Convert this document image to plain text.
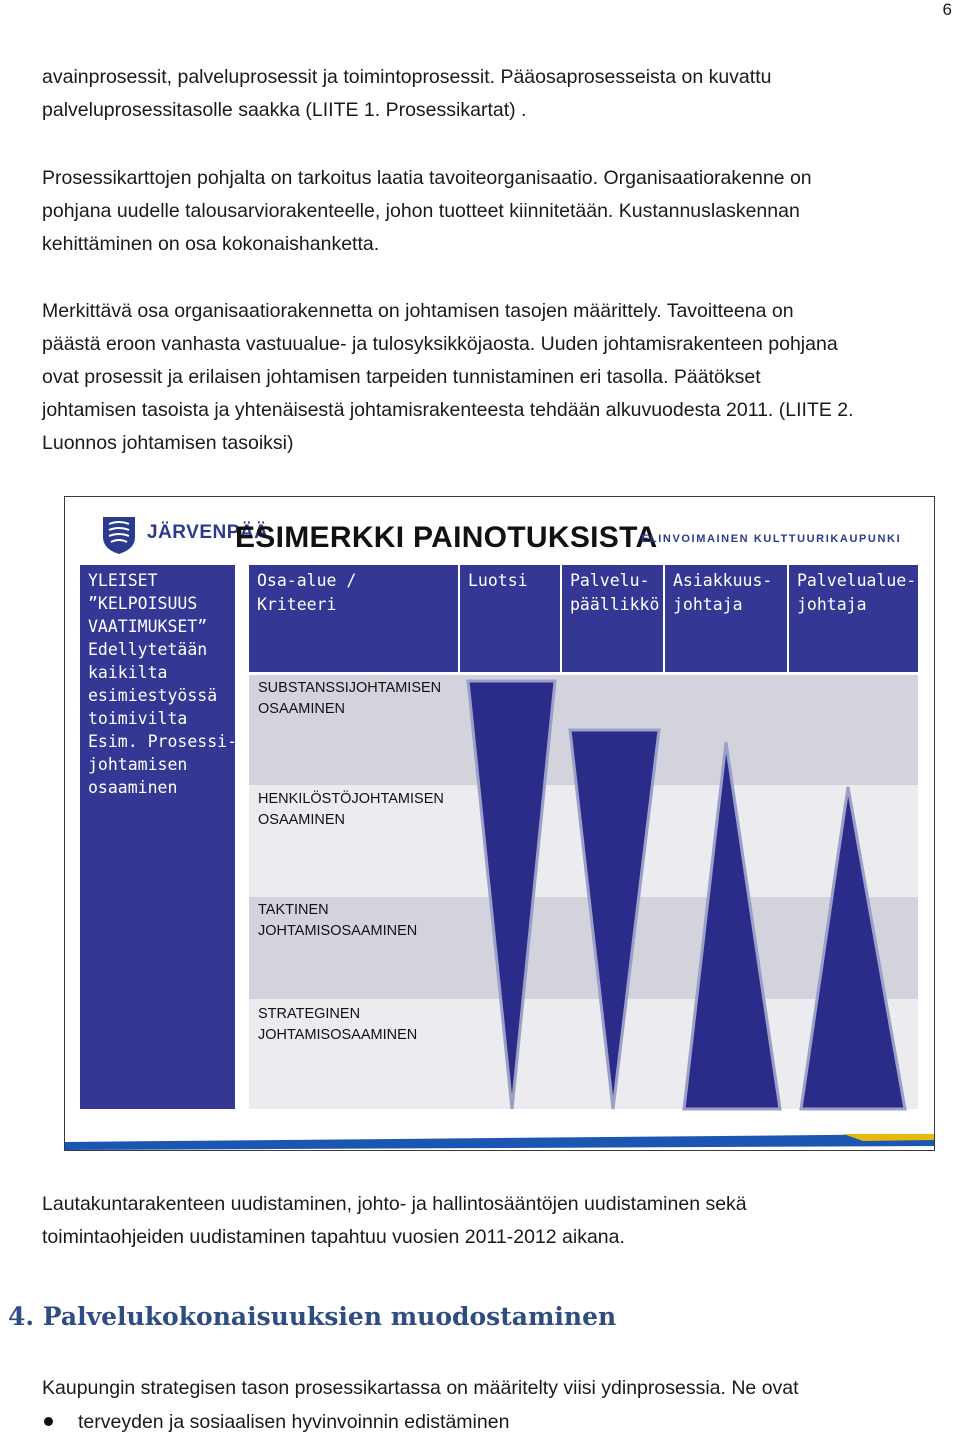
6

avainprosessit, palveluprosessit ja toimintoprosessit. Pääosaprosesseista on kuvattu
palveluprosessitasolle saakka (LIITE 1. Prosessikartat) .

Prosessikarttojen pohjalta on tarkoitus laatia tavoiteorganisaatio. Organisaatiorakenne on
pohjana uudelle talousarviorakenteelle, johon tuotteet kiinnitetään. Kustannuslaskennan
kehittäminen on osa kokonaishanketta.

Merkittävä osa organisaatiorakennetta on johtamisen tasojen määrittely. Tavoitteena on
päästä eroon vanhasta vastuualue- ja tulosyksikköjaosta. Uuden johtamisrakenteen pohjana
ovat prosessit ja erilaisen johtamisen tarpeiden tunnistaminen eri tasolla. Päätökset
johtamisen tasoista ja yhtenäisestä johtamisrakenteesta tehdään alkuvuodesta 2011. (LIITE 2.
Luonnos johtamisen tasoiksi)

JÄRVENPÄÄ
ESIMERKKI PAINOTUKSISTA
ELINVOIMAINEN KULTTUURIKAUPUNKI
YLEISET
”KELPOISUUS
VAATIMUKSET”
Edellytetään
kaikilta
esimiestyössä
toimivilta
Esim. Prosessi-
johtamisen
osaaminen
Osa-alue /
Kriteeri
Luotsi	Palvelu-
päällikkö
Asiakkuus-
johtaja
Palvelualue-
johtaja
SUBSTANSSIJOHTAMISEN
OSAAMINEN
HENKILÖSTÖJOHTAMISEN
OSAAMINEN
TAKTINEN
JOHTAMISOSAAMINEN
STRATEGINEN
JOHTAMISOSAAMINEN

Lautakuntarakenteen uudistaminen, johto- ja hallintosääntöjen uudistaminen sekä
toimintaohjeiden uudistaminen tapahtuu vuosien 2011-2012 aikana.

4. Palvelukokonaisuuksien muodostaminen

Kaupungin strategisen tason prosessikartassa on määritelty viisi ydinprosessia. Ne ovat

terveyden ja sosiaalisen hyvinvoinnin edistäminen
